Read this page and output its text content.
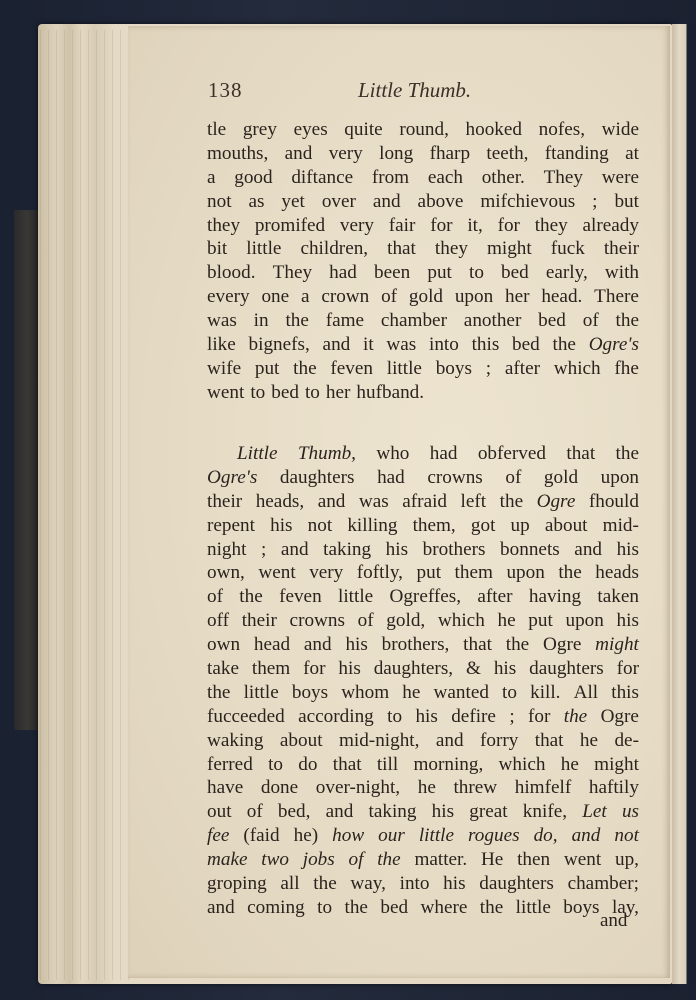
138	Little Thumb.
tle grey eyes quite round, hooked nofes, wide
mouths, and very long fharp teeth, ftanding at
a good diftance from each other. They were
not as yet over and above mifchievous ; but
they promifed very fair for it, for they already
bit little children, that they might fuck their
blood. They had been put to bed early, with
every one a crown of gold upon her head. There
was in the fame chamber another bed of the
like bignefs, and it was into this bed the Ogre's
wife put the feven little boys ; after which fhe
went to bed to her hufband.
Little Thumb, who had obferved that the
Ogre's daughters had crowns of gold upon
their heads, and was afraid left the Ogre fhould
repent his not killing them, got up about mid-
night ; and taking his brothers bonnets and his
own, went very foftly, put them upon the heads
of the feven little Ogreffes, after having taken
off their crowns of gold, which he put upon his
own head and his brothers, that the Ogre might
take them for his daughters, & his daughters for
the little boys whom he wanted to kill. All this
fucceeded according to his defire ; for the Ogre
waking about mid-night, and forry that he de-
ferred to do that till morning, which he might
have done over-night, he threw himfelf haftily
out of bed, and taking his great knife, Let us
fee (faid he) how our little rogues do, and not
make two jobs of the matter. He then went up,
groping all the way, into his daughters chamber;
and coming to the bed where the little boys lay,
and
